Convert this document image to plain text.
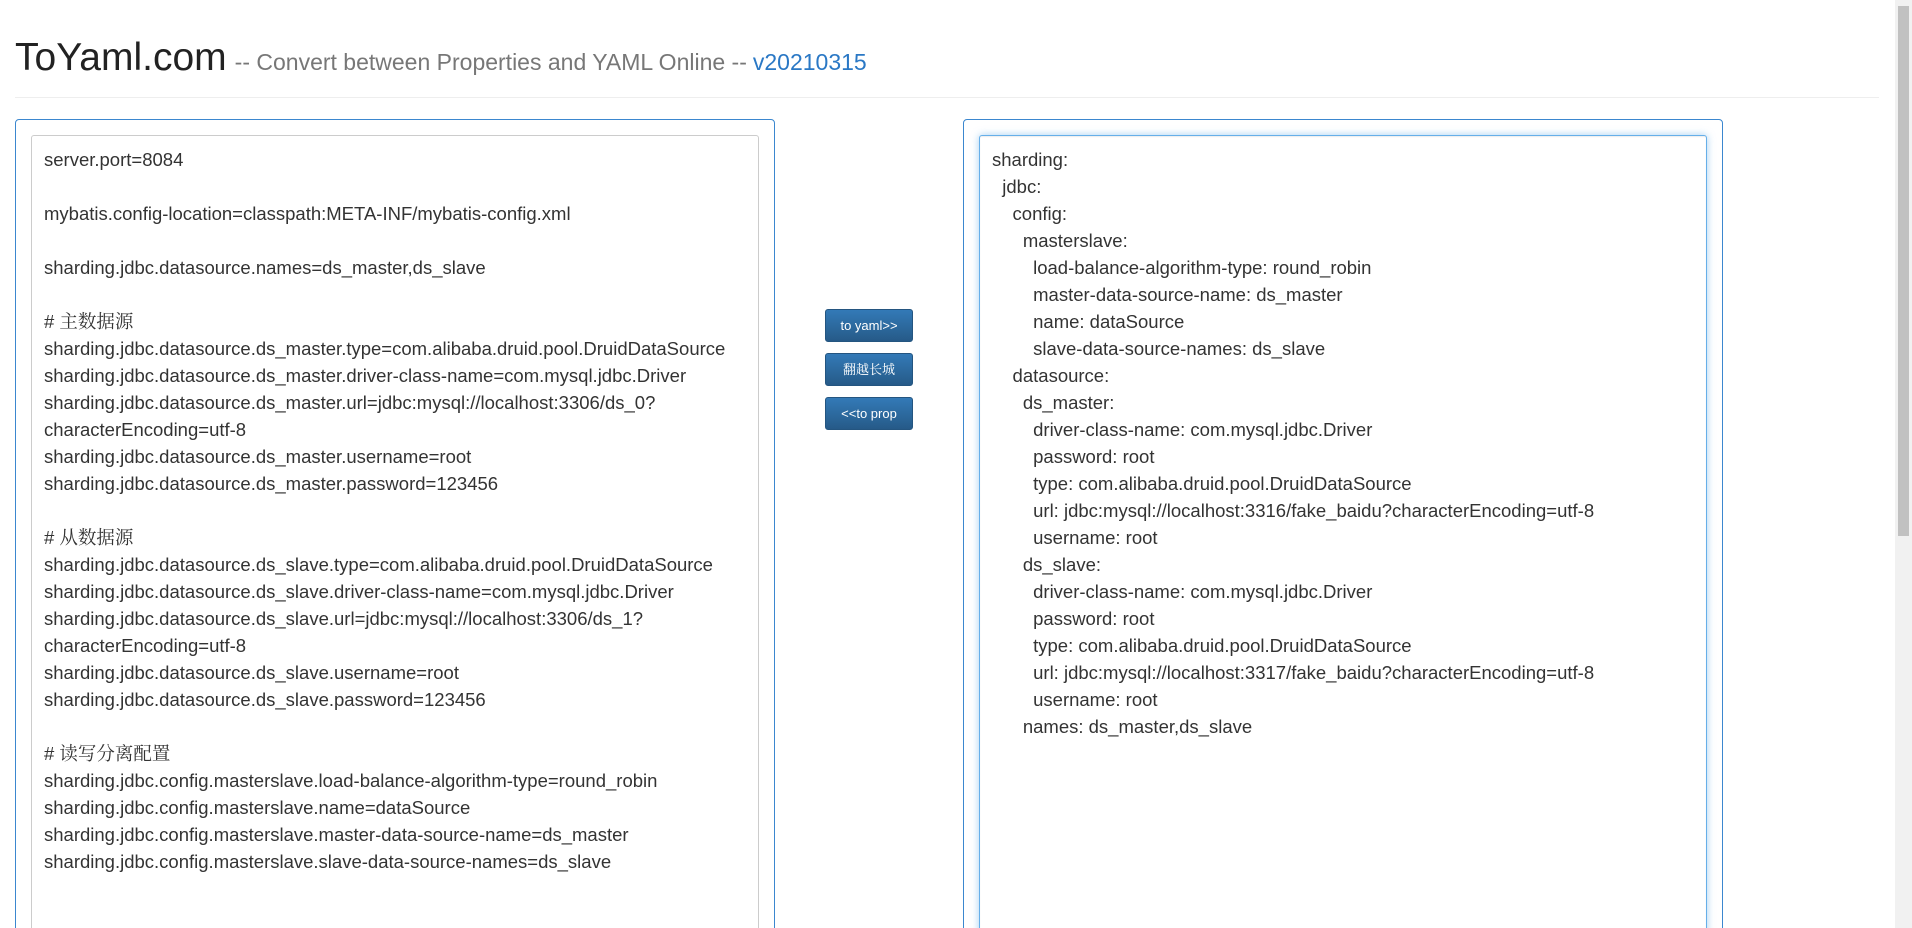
ToYaml.com -- Convert between Properties and YAML Online -- v20210315
server.port=8084 mybatis.config-location=classpath:META-INF/mybatis-config.xml sharding.jdbc.datasource.names=ds_master,ds_slave # 主数据源 sharding.jdbc.datasource.ds_master.type=com.alibaba.druid.pool.DruidDataSource sharding.jdbc.datasource.ds_master.driver-class-name=com.mysql.jdbc.Driver sharding.jdbc.datasource.ds_master.url=jdbc:mysql://localhost:3306/ds_0? characterEncoding=utf-8 sharding.jdbc.datasource.ds_master.username=root sharding.jdbc.datasource.ds_master.password=123456 # 从数据源 sharding.jdbc.datasource.ds_slave.type=com.alibaba.druid.pool.DruidDataSource sharding.jdbc.datasource.ds_slave.driver-class-name=com.mysql.jdbc.Driver sharding.jdbc.datasource.ds_slave.url=jdbc:mysql://localhost:3306/ds_1? characterEncoding=utf-8 sharding.jdbc.datasource.ds_slave.username=root sharding.jdbc.datasource.ds_slave.password=123456 # 读写分离配置 sharding.jdbc.config.masterslave.load-balance-algorithm-type=round_robin sharding.jdbc.config.masterslave.name=dataSource sharding.jdbc.config.masterslave.master-data-source-name=ds_master sharding.jdbc.config.masterslave.slave-data-source-names=ds_slave
to yaml>>
翻越长城
<<to prop
sharding: jdbc: config: masterslave: load-balance-algorithm-type: round_robin master-data-source-name: ds_master name: dataSource slave-data-source-names: ds_slave datasource: ds_master: driver-class-name: com.mysql.jdbc.Driver password: root type: com.alibaba.druid.pool.DruidDataSource url: jdbc:mysql://localhost:3316/fake_baidu?characterEncoding=utf-8 username: root ds_slave: driver-class-name: com.mysql.jdbc.Driver password: root type: com.alibaba.druid.pool.DruidDataSource url: jdbc:mysql://localhost:3317/fake_baidu?characterEncoding=utf-8 username: root names: ds_master,ds_slave
